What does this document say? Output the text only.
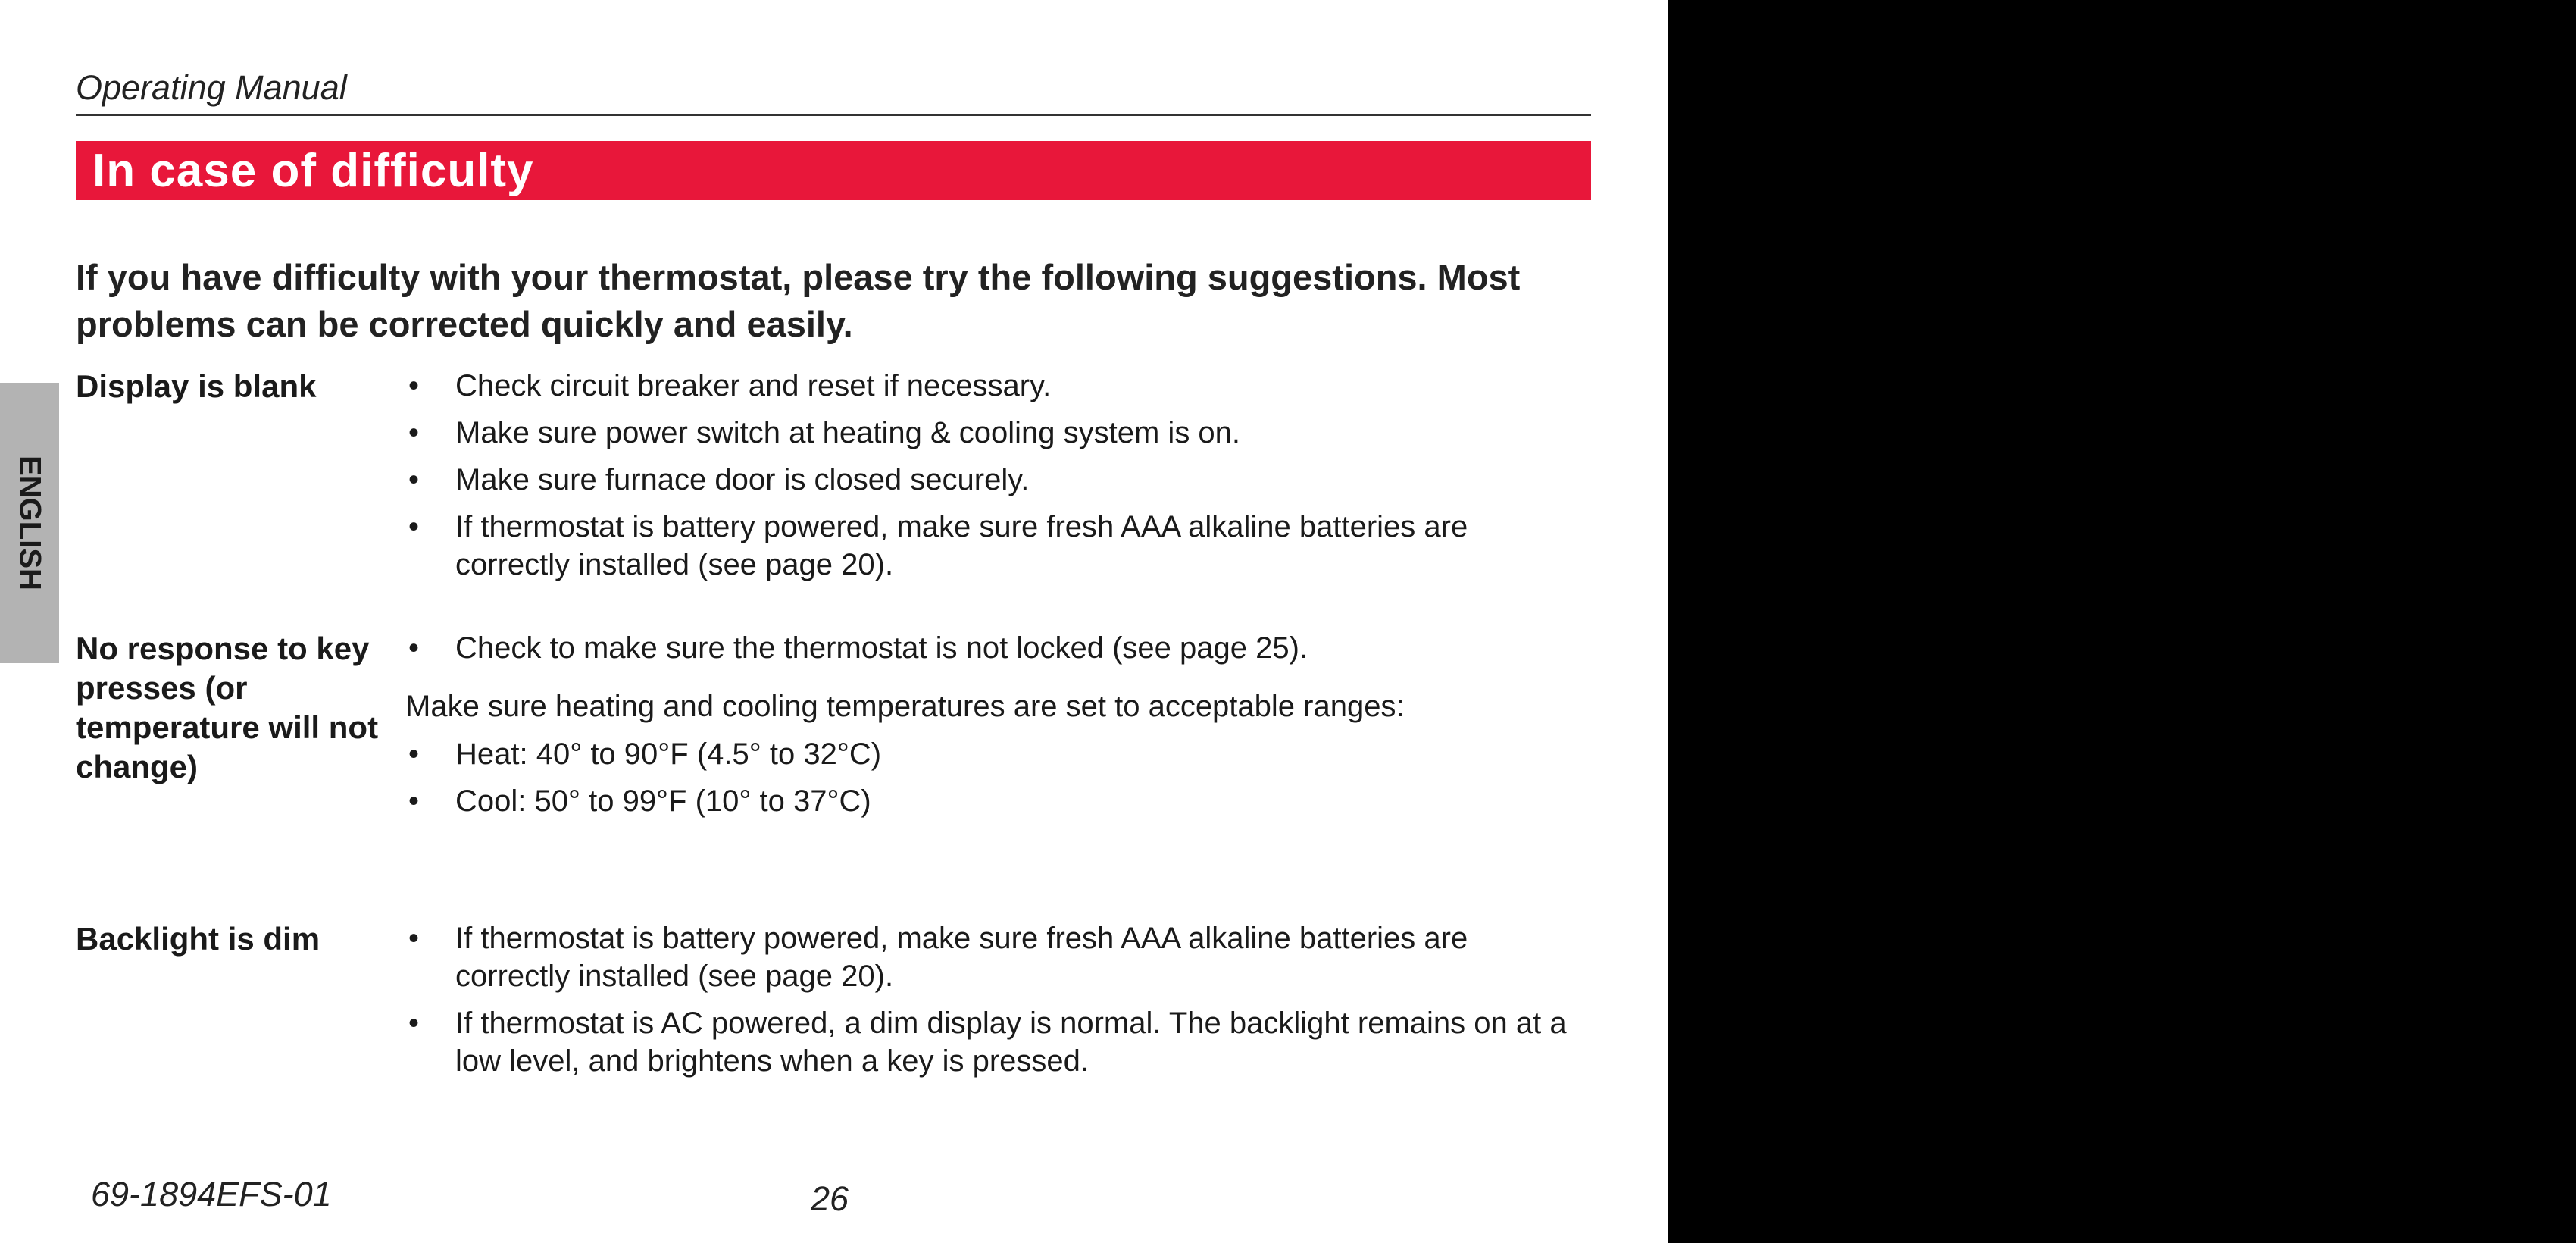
Operating Manual
In case of difficulty
If you have difficulty with your thermostat, please try the following suggestions. Most problems can be corrected quickly and easily.
ENGLISH
Display is blank	• Check circuit breaker and reset if necessary.
• Make sure power switch at heating & cooling system is on.
• Make sure furnace door is closed securely.
• If thermostat is battery powered, make sure fresh AAA alkaline batteries are correctly installed (see page 20).
No response to key presses (or temperature will not change)
• Check to make sure the thermostat is not locked (see page 25).
Make sure heating and cooling temperatures are set to acceptable ranges:
• Heat: 40° to 90°F (4.5° to 32°C)
• Cool: 50° to 99°F (10° to 37°C)
Backlight is dim	• If thermostat is battery powered, make sure fresh AAA alkaline batteries are correctly installed (see page 20).
• If thermostat is AC powered, a dim display is normal. The backlight remains on at a low level, and brightens when a key is pressed.
69-1894EFS-01	26
